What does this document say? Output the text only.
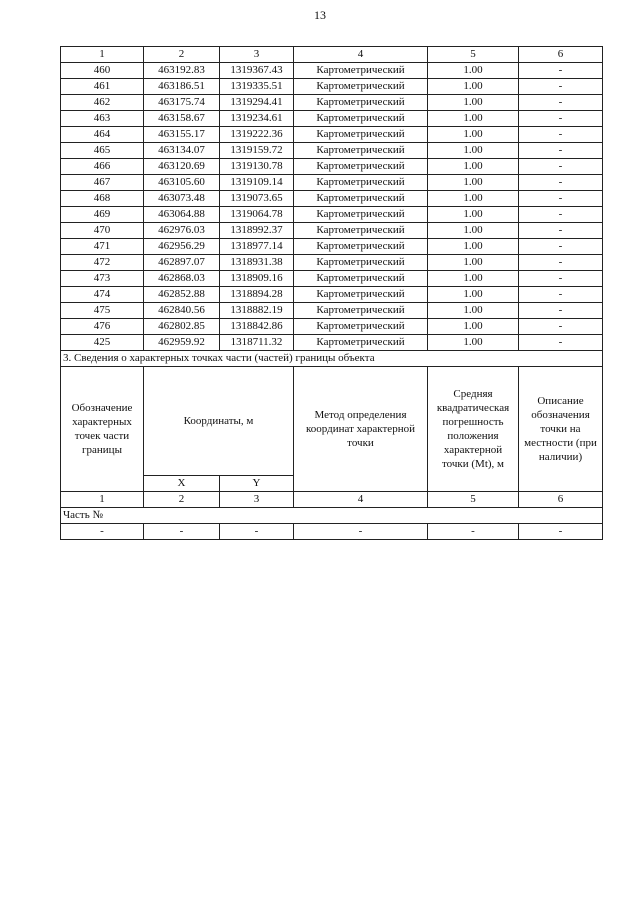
13
1	2	3	4	5	6
460	463192.83	1319367.43	Картометрический	1.00	-
461	463186.51	1319335.51	Картометрический	1.00	-
462	463175.74	1319294.41	Картометрический	1.00	-
463	463158.67	1319234.61	Картометрический	1.00	-
464	463155.17	1319222.36	Картометрический	1.00	-
465	463134.07	1319159.72	Картометрический	1.00	-
466	463120.69	1319130.78	Картометрический	1.00	-
467	463105.60	1319109.14	Картометрический	1.00	-
468	463073.48	1319073.65	Картометрический	1.00	-
469	463064.88	1319064.78	Картометрический	1.00	-
470	462976.03	1318992.37	Картометрический	1.00	-
471	462956.29	1318977.14	Картометрический	1.00	-
472	462897.07	1318931.38	Картометрический	1.00	-
473	462868.03	1318909.16	Картометрический	1.00	-
474	462852.88	1318894.28	Картометрический	1.00	-
475	462840.56	1318882.19	Картометрический	1.00	-
476	462802.85	1318842.86	Картометрический	1.00	-
425	462959.92	1318711.32	Картометрический	1.00	-
3. Сведения о характерных точках части (частей) границы объекта					
Обозначение характерных точек части границы	Координаты, м		Метод определения координат характерной точки	Средняя квадратическая погрешность положения характерной точки (Mt), м	Описание обозначения точки на местности (при наличии)
	X	Y			
1	2	3	4	5	6
Часть №					
-	-	-	-	-	-
